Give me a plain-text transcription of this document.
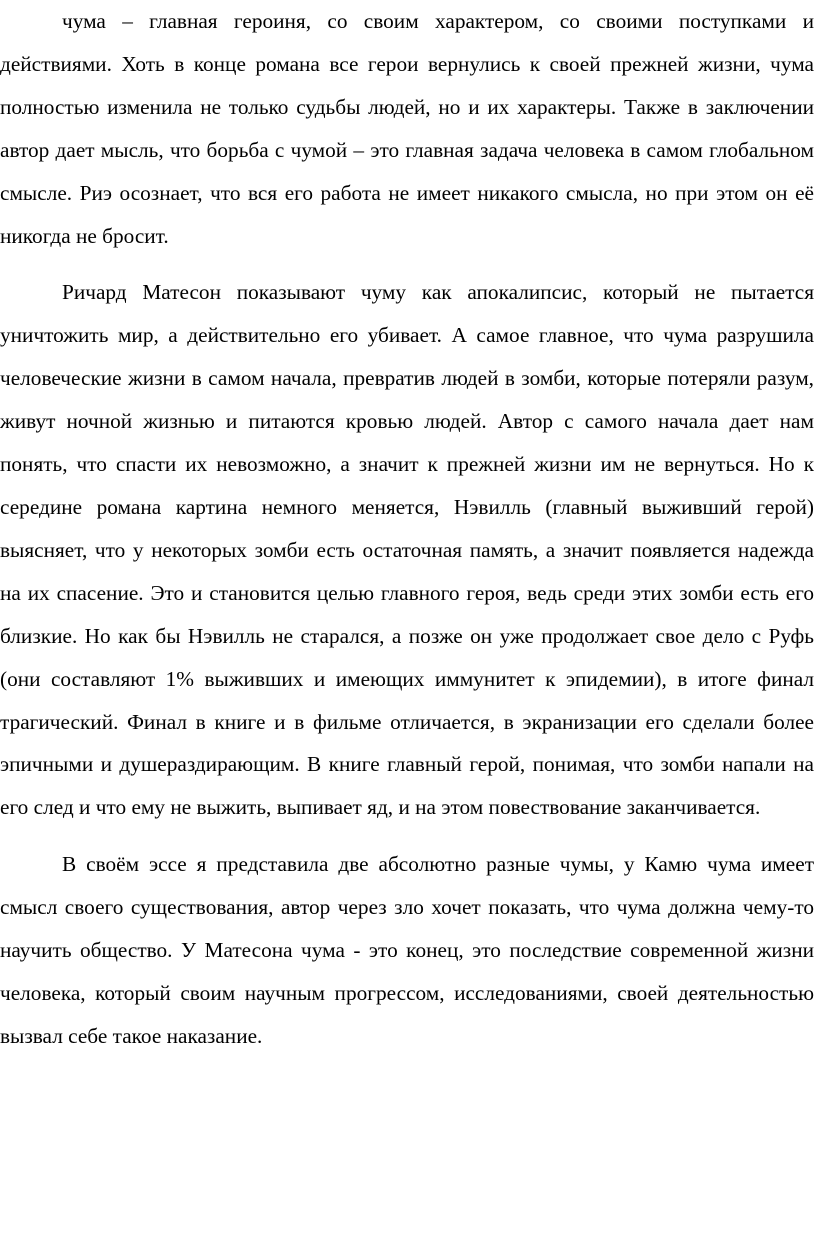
чума – главная героиня, со своим характером, со своими поступками и действиями. Хоть в конце романа все герои вернулись к своей прежней жизни, чума полностью изменила не только судьбы людей, но и их характеры. Также в заключении автор дает мысль, что борьба с чумой – это главная задача человека в самом глобальном смысле. Риэ осознает, что вся его работа не имеет никакого смысла, но при этом он её никогда не бросит.

Ричард Матесон показывают чуму как апокалипсис, который не пытается уничтожить мир, а действительно его убивает. А самое главное, что чума разрушила человеческие жизни в самом начала, превратив людей в зомби, которые потеряли разум, живут ночной жизнью и питаются кровью людей. Автор с самого начала дает нам понять, что спасти их невозможно, а значит к прежней жизни им не вернуться. Но к середине романа картина немного меняется, Нэвилль (главный выживший герой) выясняет, что у некоторых зомби есть остаточная память, а значит появляется надежда на их спасение. Это и становится целью главного героя, ведь среди этих зомби есть его близкие. Но как бы Нэвилль не старался, а позже он уже продолжает свое дело с Руфь (они составляют 1% выживших и имеющих иммунитет к эпидемии), в итоге финал трагический. Финал в книге и в фильме отличается, в экранизации его сделали более эпичными и душераздирающим. В книге главный герой, понимая, что зомби напали на его след и что ему не выжить, выпивает яд, и на этом повествование заканчивается.

В своём эссе я представила две абсолютно разные чумы, у Камю чума имеет смысл своего существования, автор через зло хочет показать, что чума должна чему-то научить общество. У Матесона чума - это конец, это последствие современной жизни человека, который своим научным прогрессом, исследованиями, своей деятельностью вызвал себе такое наказание.
